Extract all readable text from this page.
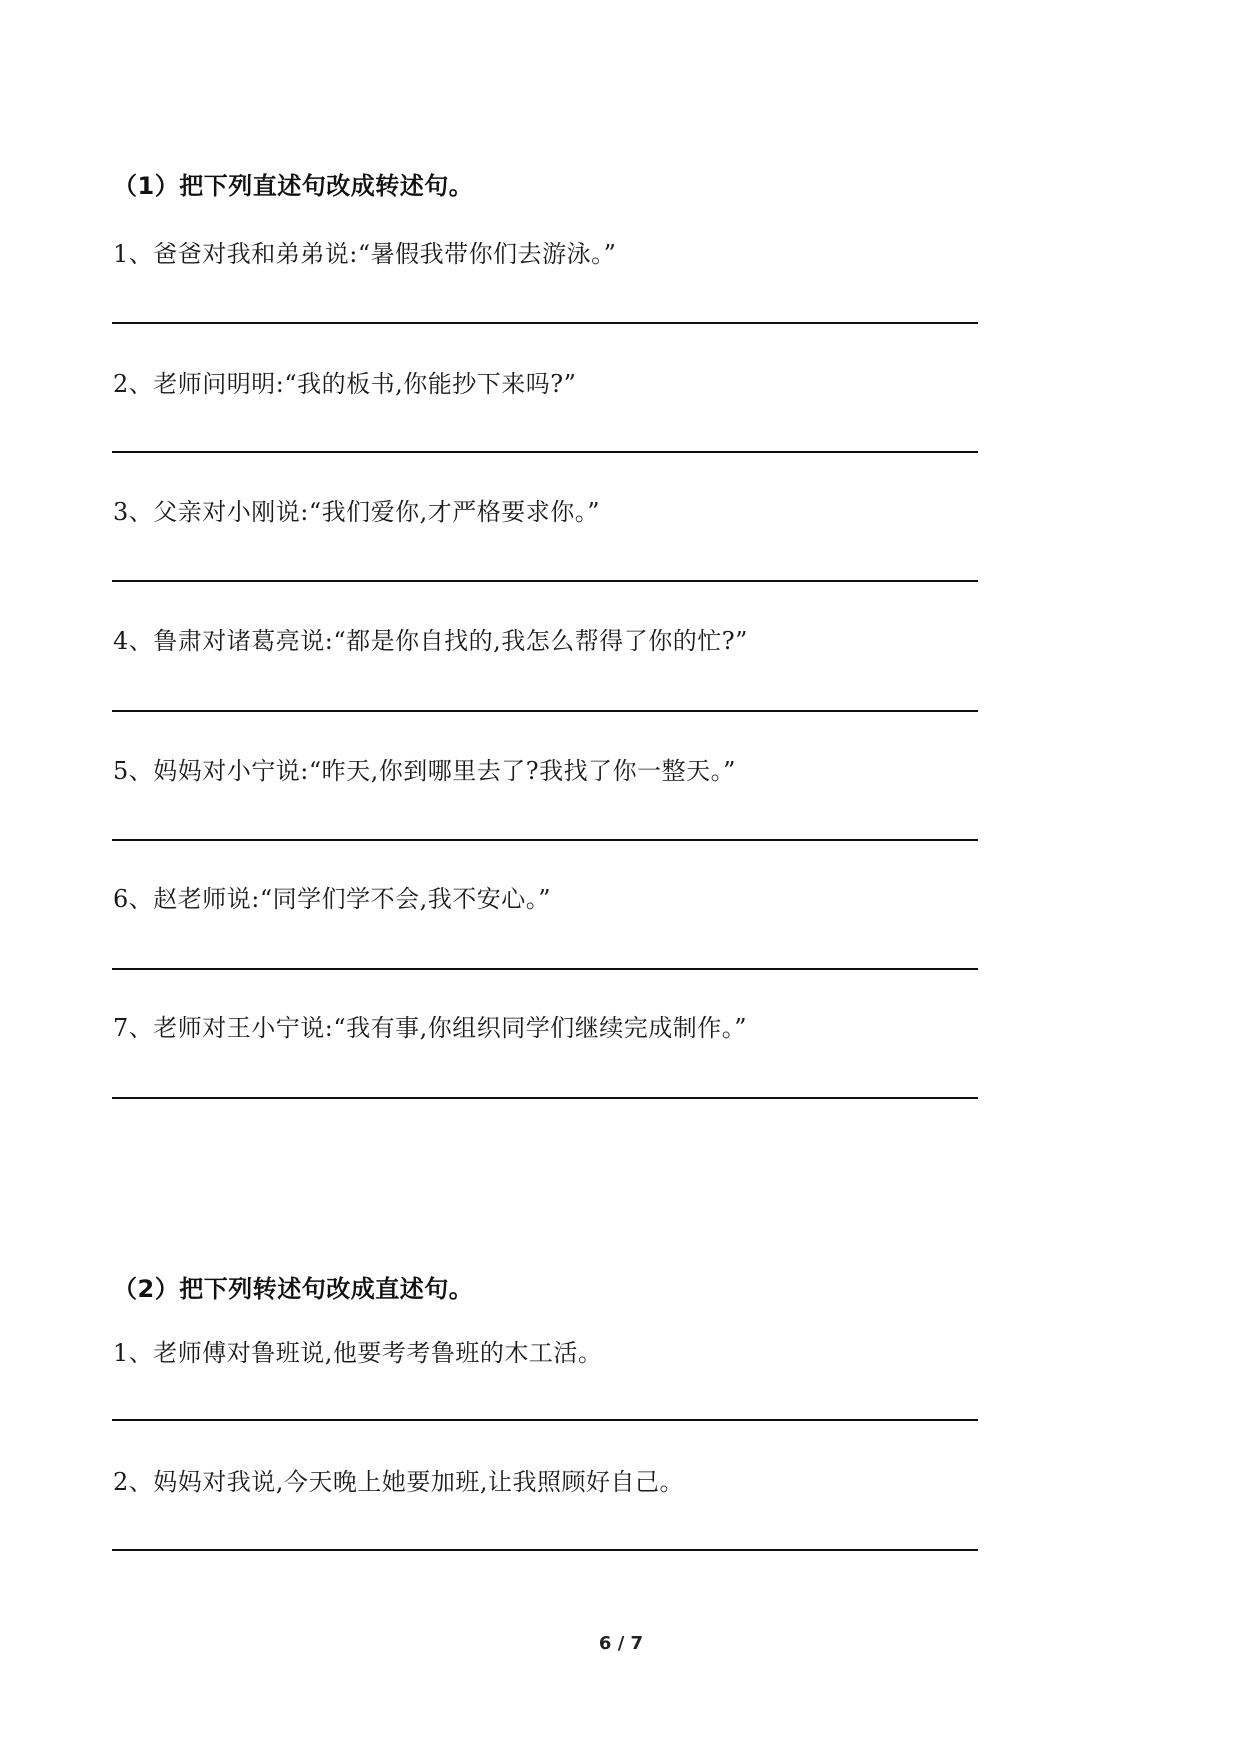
（1）把下列直述句改成转述句。
1、爸爸对我和弟弟说:“暑假我带你们去游泳。”
2、老师问明明:“我的板书,你能抄下来吗?”
3、父亲对小刚说:“我们爱你,才严格要求你。”
4、鲁肃对诸葛亮说:“都是你自找的,我怎么帮得了你的忙?”
5、妈妈对小宁说:“昨天,你到哪里去了?我找了你一整天。”
6、赵老师说:“同学们学不会,我不安心。”
7、老师对王小宁说:“我有事,你组织同学们继续完成制作。”
（2）把下列转述句改成直述句。
1、老师傅对鲁班说,他要考考鲁班的木工活。
2、妈妈对我说,今天晚上她要加班,让我照顾好自己。
6 / 7
